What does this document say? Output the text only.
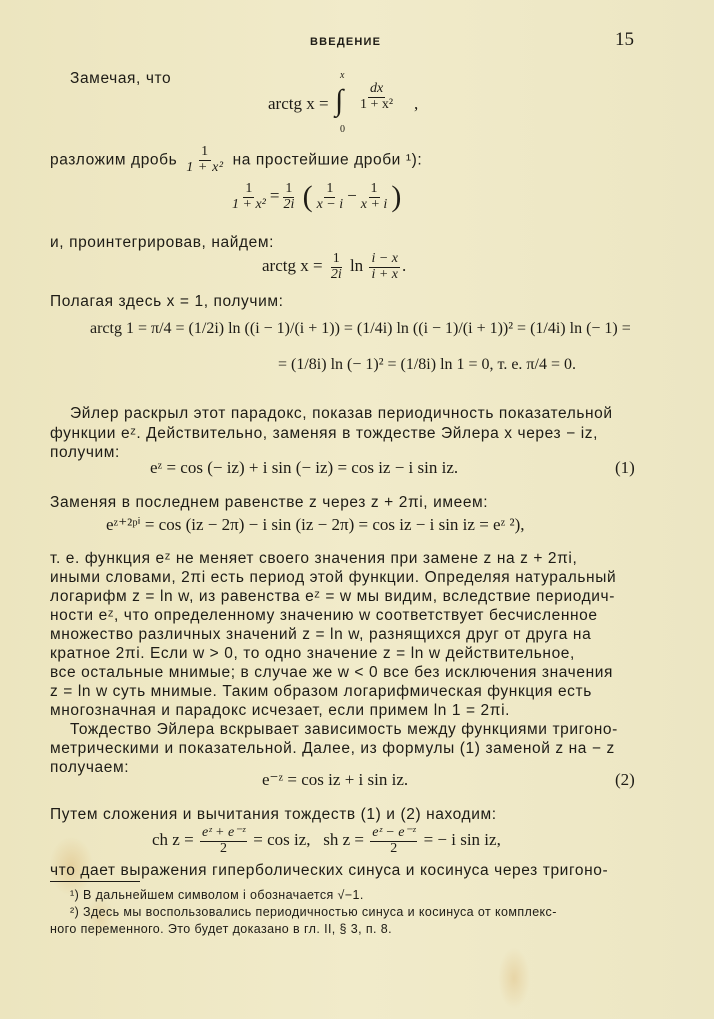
ВВЕДЕНИЕ	15
Замечая, что
arctg x =
x
∫
0
$\frac{dx}{\text{1 + x²}}$ ,
разложим дробь $\frac{1}{\text{1 + x²}}$ на простейшие дроби ¹):
$\frac{1}{\text{1 + x²}} = \frac{1}{2i}$ ( $\frac{1}{x - i} - \frac{1}{x + i}$ )
и, проинтегрировав, найдем:
arctg $x = \frac{1}{2i}$ $\ln \frac{i - x}{i + x}$ .
Полагая здесь x = 1, получим:
arctg 1 = π/4 = (1/2i) ln ((i − 1)/(i + 1)) = (1/4i) ln ((i − 1)/(i + 1))² = (1/4i) ln (− 1) =
= (1/8i) ln (− 1)² = (1/8i) ln 1 = 0, т. е. π/4 = 0.
Эйлер раскрыл этот парадокс, показав периодичность показательной
функции eᶻ. Действительно, заменяя в тождестве Эйлера x через − iz,
получим:
eᶻ = cos (− iz) + i sin (− iz) = cos iz − i sin iz.	(1)
Заменяя в последнем равенстве z через z + 2πi, имеем:
eᶻ⁺²ᵖⁱ = cos (iz − 2π) − i sin (iz − 2π) = cos iz − i sin iz = eᶻ ²),
т. е. функция eᶻ не меняет своего значения при замене z на z + 2πi,
иными словами, 2πi есть период этой функции. Определяя натуральный
логарифм z = ln w, из равенства eᶻ = w мы видим, вследствие периодич-
ности eᶻ, что определенному значению w соответствует бесчисленное
множество различных значений z = ln w, разнящихся друг от друга на
кратное 2πi. Если w > 0, то одно значение z = ln w действительное,
все остальные мнимые; в случае же w < 0 все без исключения значения
z = ln w суть мнимые. Таким образом логарифмическая функция есть
многозначная и парадокс исчезает, если примем ln 1 = 2πi.
Тождество Эйлера вскрывает зависимость между функциями тригоно-
метрическими и показательной. Далее, из формулы (1) заменой z на − z
получаем:
e⁻ᶻ = cos iz + i sin iz.	(2)
Путем сложения и вычитания тождеств (1) и (2) находим:
ch $z = \frac{\text{eᶻ + e⁻ᶻ}}{2} = \cos$ iz, sh $z = \frac{\text{eᶻ − e⁻ᶻ}}{2}$ = − i sin iz,
что дает выражения гиперболических синуса и косинуса через тригоно-
¹) В дальнейшем символом i обозначается √−1.
²) Здесь мы воспользовались периодичностью синуса и косинуса от комплекс-
ного переменного. Это будет доказано в гл. II, § 3, п. 8.
